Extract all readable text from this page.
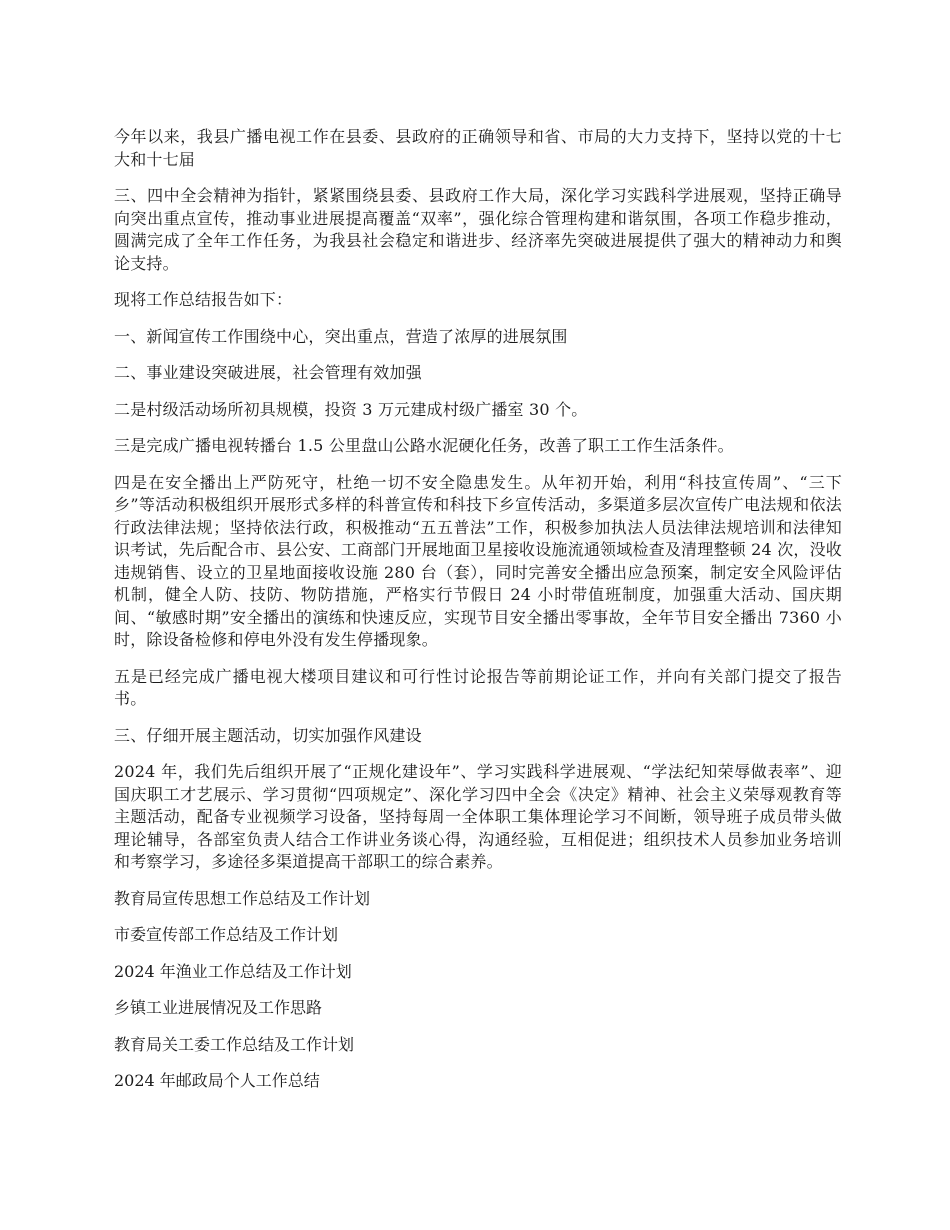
今年以来，我县广播电视工作在县委、县政府的正确领导和省、市局的大力支持下，坚持以党的十七大和十七届

三、四中全会精神为指针，紧紧围绕县委、县政府工作大局，深化学习实践科学进展观，坚持正确导向突出重点宣传，推动事业进展提高覆盖“双率”，强化综合管理构建和谐氛围，各项工作稳步推动，圆满完成了全年工作任务，为我县社会稳定和谐进步、经济率先突破进展提供了强大的精神动力和舆论支持。

现将工作总结报告如下：

一、新闻宣传工作围绕中心，突出重点，营造了浓厚的进展氛围

二、事业建设突破进展，社会管理有效加强

二是村级活动场所初具规模，投资 3 万元建成村级广播室 30 个。

三是完成广播电视转播台 1.5 公里盘山公路水泥硬化任务，改善了职工工作生活条件。

四是在安全播出上严防死守，杜绝一切不安全隐患发生。从年初开始，利用“科技宣传周”、“三下乡”等活动积极组织开展形式多样的科普宣传和科技下乡宣传活动，多渠道多层次宣传广电法规和依法行政法律法规；坚持依法行政，积极推动“五五普法”工作，积极参加执法人员法律法规培训和法律知识考试，先后配合市、县公安、工商部门开展地面卫星接收设施流通领域检查及清理整顿 24 次，没收违规销售、设立的卫星地面接收设施 280 台（套），同时完善安全播出应急预案，制定安全风险评估机制，健全人防、技防、物防措施，严格实行节假日 24 小时带值班制度，加强重大活动、国庆期间、“敏感时期”安全播出的演练和快速反应，实现节目安全播出零事故，全年节目安全播出 7360 小时，除设备检修和停电外没有发生停播现象。

五是已经完成广播电视大楼项目建议和可行性讨论报告等前期论证工作，并向有关部门提交了报告书。

三、仔细开展主题活动，切实加强作风建设

2024 年，我们先后组织开展了“正规化建设年”、学习实践科学进展观、“学法纪知荣辱做表率”、迎国庆职工才艺展示、学习贯彻“四项规定”、深化学习四中全会《决定》精神、社会主义荣辱观教育等主题活动，配备专业视频学习设备，坚持每周一全体职工集体理论学习不间断，领导班子成员带头做理论辅导，各部室负责人结合工作讲业务谈心得，沟通经验，互相促进；组织技术人员参加业务培训和考察学习，多途径多渠道提高干部职工的综合素养。

教育局宣传思想工作总结及工作计划

市委宣传部工作总结及工作计划

2024 年渔业工作总结及工作计划

乡镇工业进展情况及工作思路

教育局关工委工作总结及工作计划

2024 年邮政局个人工作总结
